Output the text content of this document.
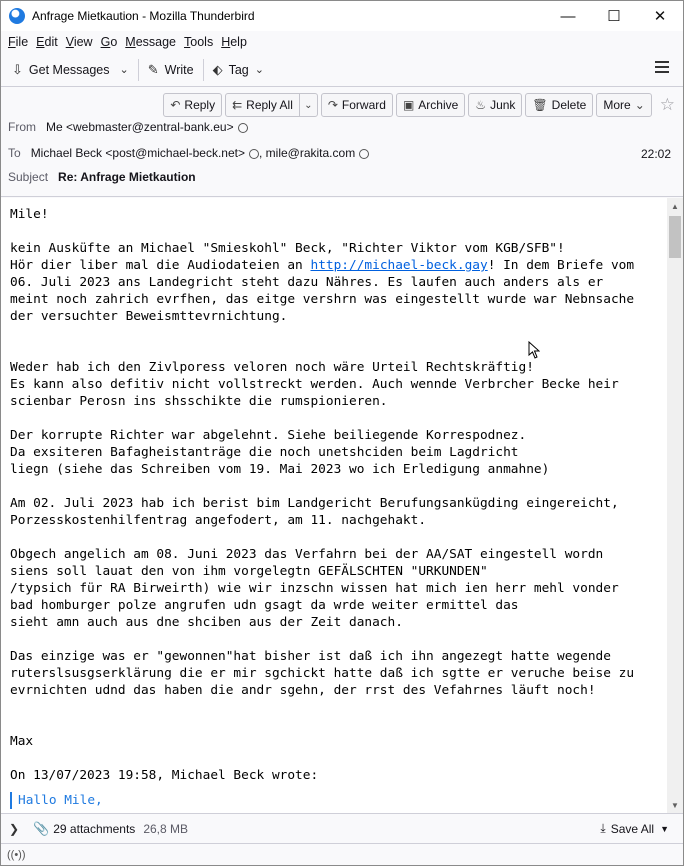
Anfrage Mietkaution - Mozilla Thunderbird	—	☐	✕
File Edit View Go Message Tools Help
⇩ Get Messages ⌄ ✎ Write ⬖ Tag ⌄
↶ Reply ⇇ Reply All	⌄	↷ Forward ▣ Archive ♨ Junk 🗑 Delete More ⌄ ☆
From Me <webmaster@zentral-bank.eu>
To Michael Beck <post@michael-beck.net> , mile@rakita.com	22:02
Subject Re: Anfrage Mietkaution
Mile!

kein Ausküfte an Michael "Smieskohl" Beck, "Richter Viktor vom KGB/SFB"!
Hör dier liber mal die Audiodateien an http://michael-beck.gay! In dem Briefe vom
06. Juli 2023 ans Landegricht steht dazu Nähres. Es laufen auch anders als er
meint noch zahrich evrfhen, das eitge vershrn was eingestellt wurde war Nebnsache
der versuchter Beweismttevrnichtung.

Weder hab ich den Zivlporess veloren noch wäre Urteil Rechtskräftig!
Es kann also defitiv nicht vollstreckt werden. Auch wennde Verbrcher Becke heir
scienbar Perosn ins shsschikte die rumspionieren.

Der korrupte Richter war abgelehnt. Siehe beiliegende Korrespodnez.
Da exsiteren Bafagheistanträge die noch unetshciden beim Lagdricht
liegn (siehe das Schreiben vom 19. Mai 2023 wo ich Erledigung anmahne)

Am 02. Juli 2023 hab ich berist bim Landgericht Berufungsankügding eingereicht,
Porzesskostenhilfentrag angefodert, am 11. nachgehakt.

Obgech angelich am 08. Juni 2023 das Verfahrn bei der AA/SAT eingestell wordn
siens soll lauat den von ihm vorgelegtn GEFÄLSCHTEN "URKUNDEN"
/typsich für RA Birweirth) wie wir inzschn wissen hat mich ien herr mehl vonder
bad homburger polze angrufen udn gsagt da wrde weiter ermittel das
sieht amn auch aus dne shciben aus der Zeit danach.

Das einzige was er "gewonnen"hat bisher ist daß ich ihn angezegt hatte wegende
ruterslsusgserklärung die er mir sgchickt hatte daß ich sgtte er veruche beise zu
evrnichten udnd das haben die andr sgehn, der rrst des Vefahrnes läuft noch!

Max

On 13/07/2023 19:58, Michael Beck wrote:
Hallo Mile,
▲
▼
❯ 📎 29 attachments 26,8 MB	⤓ Save All ▼
((•))
